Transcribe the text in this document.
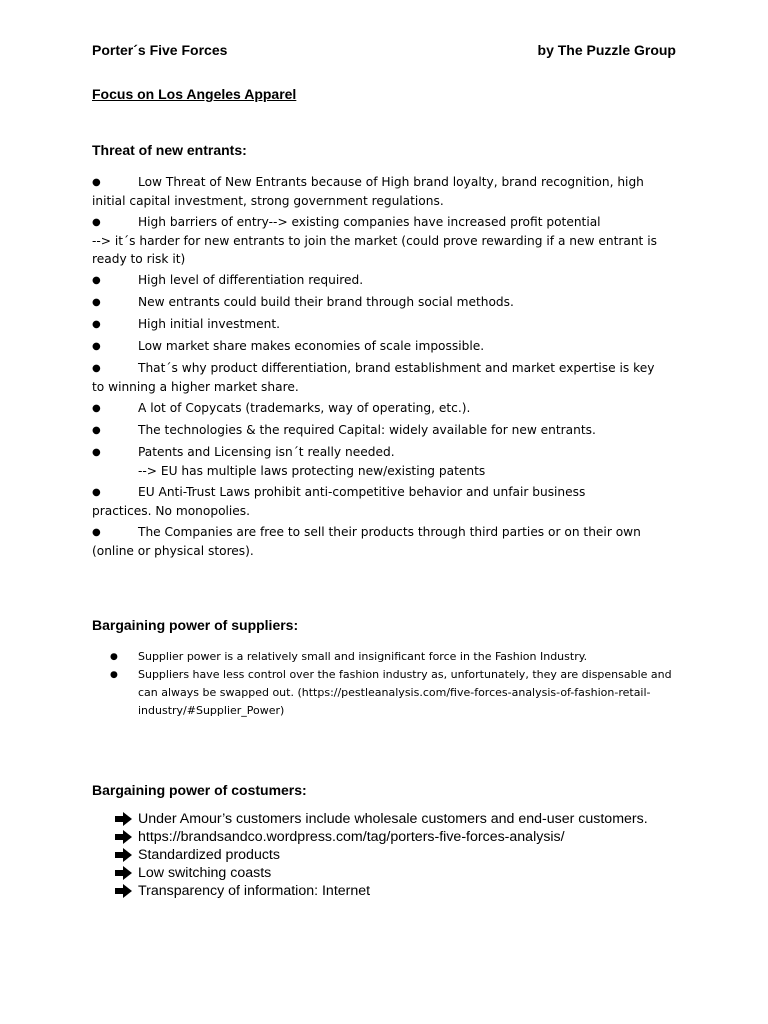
Porter´s Five Forces	by The Puzzle Group
Focus on Los Angeles Apparel
Threat of new entrants:
●	Low Threat of New Entrants because of High brand loyalty, brand recognition, high
initial capital investment, strong government regulations.
●	High barriers of entry--> existing companies have increased profit potential
--> it´s harder for new entrants to join the market (could prove rewarding if a new entrant is
ready to risk it)
●	High level of differentiation required.
●	New entrants could build their brand through social methods.
●	High initial investment.
●	Low market share makes economies of scale impossible.
●	That´s why product differentiation, brand establishment and market expertise is key
to winning a higher market share.
●	A lot of Copycats (trademarks, way of operating, etc.).
●	The technologies & the required Capital: widely available for new entrants.
●	Patents and Licensing isn´t really needed.
--> EU has multiple laws protecting new/existing patents
●	EU Anti-Trust Laws prohibit anti-competitive behavior and unfair business
practices. No monopolies.
●	The Companies are free to sell their products through third parties or on their own
(online or physical stores).
Bargaining power of suppliers:
● Supplier power is a relatively small and insignificant force in the Fashion Industry.
● Suppliers have less control over the fashion industry as, unfortunately, they are dispensable and can always be swapped out. (https://pestleanalysis.com/five-forces-analysis-of-fashion-retail-industry/#Supplier_Power)
Bargaining power of costumers:
Under Amour’s customers include wholesale customers and end-user customers.
https://brandsandco.wordpress.com/tag/porters-five-forces-analysis/
Standardized products
Low switching coasts
Transparency of information: Internet
